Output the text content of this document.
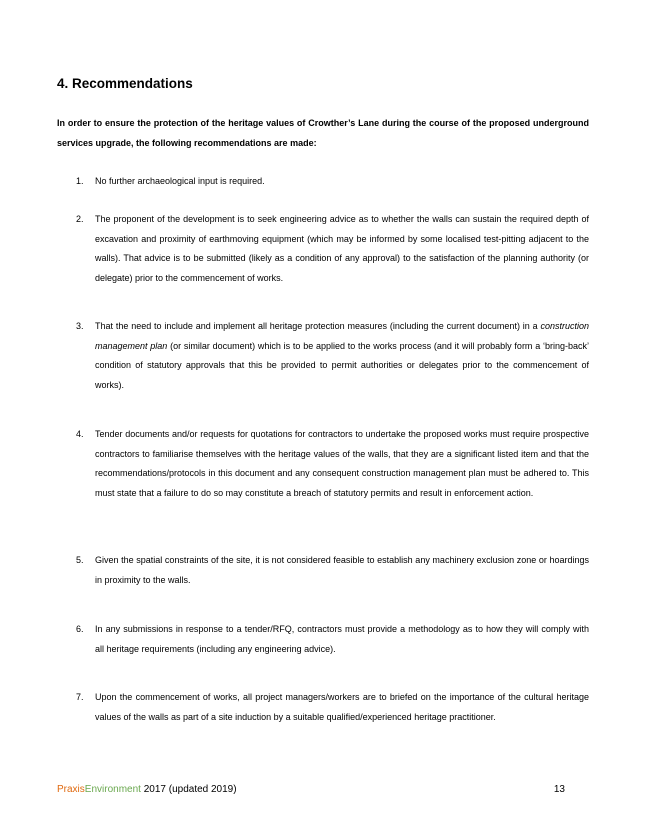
4. Recommendations

In order to ensure the protection of the heritage values of Crowther’s Lane during the course of the proposed underground services upgrade, the following recommendations are made:

1.	No further archaeological input is required.
2.	The proponent of the development is to seek engineering advice as to whether the walls can sustain the required depth of excavation and proximity of earthmoving equipment (which may be informed by some localised test-pitting adjacent to the walls). That advice is to be submitted (likely as a condition of any approval) to the satisfaction of the planning authority (or delegate) prior to the commencement of works.
3.	That the need to include and implement all heritage protection measures (including the current document) in a construction management plan (or similar document) which is to be applied to the works process (and it will probably form a ‘bring-back’ condition of statutory approvals that this be provided to permit authorities or delegates prior to the commencement of works).
4.	Tender documents and/or requests for quotations for contractors to undertake the proposed works must require prospective contractors to familiarise themselves with the heritage values of the walls, that they are a significant listed item and that the recommendations/protocols in this document and any consequent construction management plan must be adhered to. This must state that a failure to do so may constitute a breach of statutory permits and result in enforcement action.
5.	Given the spatial constraints of the site, it is not considered feasible to establish any machinery exclusion zone or hoardings in proximity to the walls.
6.	In any submissions in response to a tender/RFQ, contractors must provide a methodology as to how they will comply with all heritage requirements (including any engineering advice).
7.	Upon the commencement of works, all project managers/workers are to briefed on the importance of the cultural heritage values of the walls as part of a site induction by a suitable qualified/experienced heritage practitioner.
PraxisEnvironment 2017 (updated 2019)	13
